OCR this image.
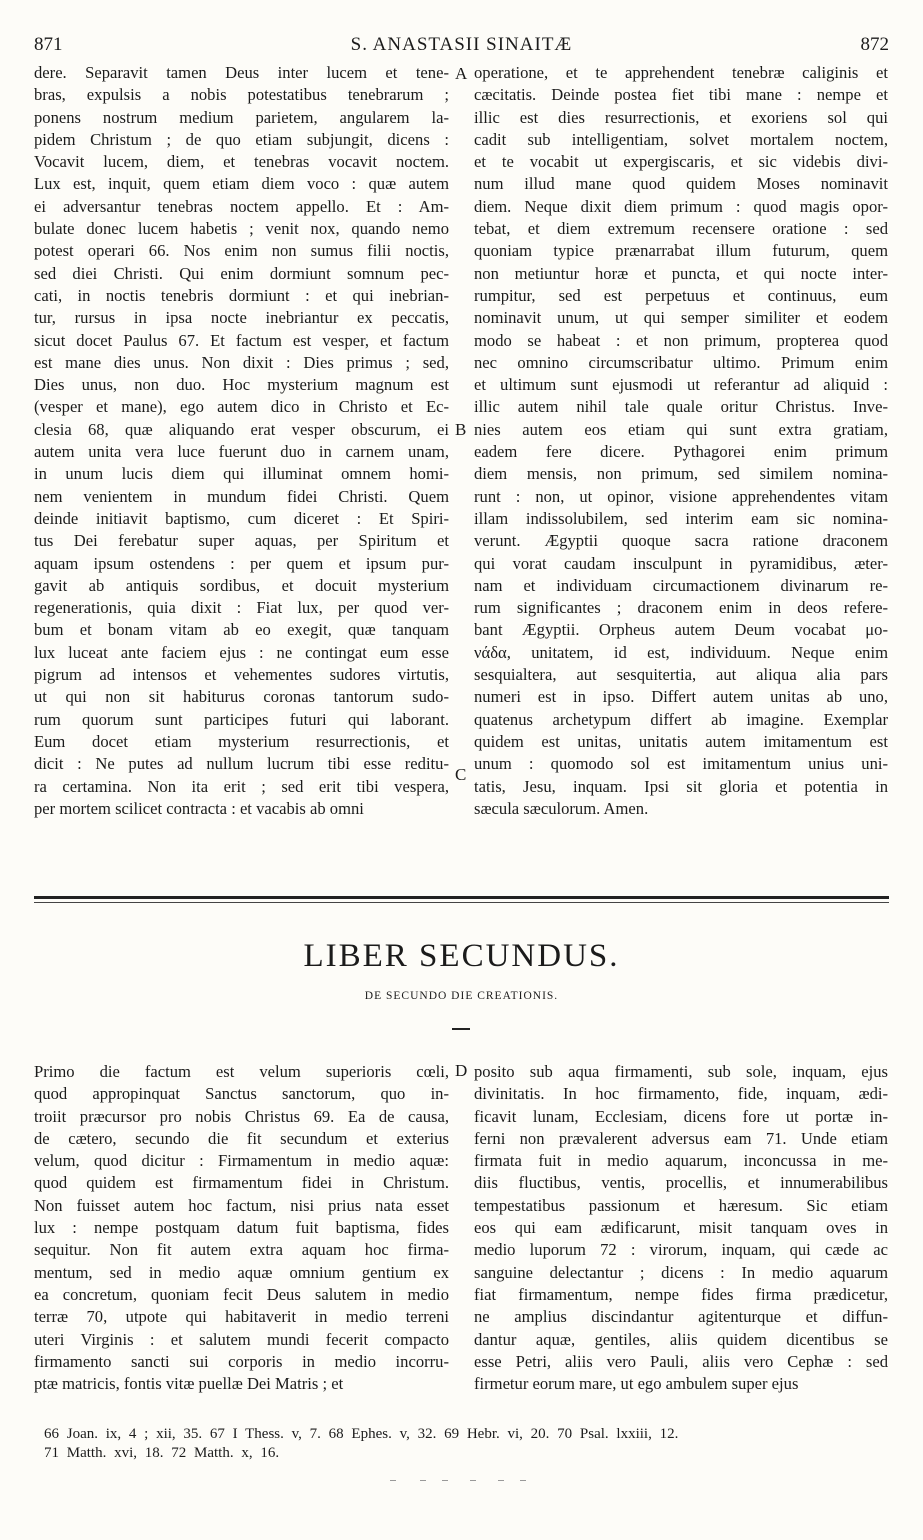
871	S. ANASTASII SINAITÆ	872
dere. Separavit tamen Deus inter lucem et tene-
bras, expulsis a nobis potestatibus tenebrarum ;
ponens nostrum medium parietem, angularem la-
pidem Christum ; de quo etiam subjungit, dicens :
Vocavit lucem, diem, et tenebras vocavit noctem.
Lux est, inquit, quem etiam diem voco : quæ autem
ei adversantur tenebras noctem appello. Et : Am-
bulate donec lucem habetis ; venit nox, quando nemo
potest operari 66. Nos enim non sumus filii noctis,
sed diei Christi. Qui enim dormiunt somnum pec-
cati, in noctis tenebris dormiunt : et qui inebrian-
tur, rursus in ipsa nocte inebriantur ex peccatis,
sicut docet Paulus 67. Et factum est vesper, et factum
est mane dies unus. Non dixit : Dies primus ; sed,
Dies unus, non duo. Hoc mysterium magnum est
(vesper et mane), ego autem dico in Christo et Ec-
clesia 68, quæ aliquando erat vesper obscurum, ei
autem unita vera luce fuerunt duo in carnem unam,
in unum lucis diem qui illuminat omnem homi-
nem venientem in mundum fidei Christi. Quem
deinde initiavit baptismo, cum diceret : Et Spiri-
tus Dei ferebatur super aquas, per Spiritum et
aquam ipsum ostendens : per quem et ipsum pur-
gavit ab antiquis sordibus, et docuit mysterium
regenerationis, quia dixit : Fiat lux, per quod ver-
bum et bonam vitam ab eo exegit, quæ tanquam
lux luceat ante faciem ejus : ne contingat eum esse
pigrum ad intensos et vehementes sudores virtutis,
ut qui non sit habiturus coronas tantorum sudo-
rum quorum sunt participes futuri qui laborant.
Eum docet etiam mysterium resurrectionis, et
dicit : Ne putes ad nullum lucrum tibi esse reditu-
ra certamina. Non ita erit ; sed erit tibi vespera,
per mortem scilicet contracta : et vacabis ab omni
operatione, et te apprehendent tenebræ caliginis et
cæcitatis. Deinde postea fiet tibi mane : nempe et
illic est dies resurrectionis, et exoriens sol qui
cadit sub intelligentiam, solvet mortalem noctem,
et te vocabit ut expergiscaris, et sic videbis divi-
num illud mane quod quidem Moses nominavit
diem. Neque dixit diem primum : quod magis opor-
tebat, et diem extremum recensere oratione : sed
quoniam typice prænarrabat illum futurum, quem
non metiuntur horæ et puncta, et qui nocte inter-
rumpitur, sed est perpetuus et continuus, eum
nominavit unum, ut qui semper similiter et eodem
modo se habeat : et non primum, propterea quod
nec omnino circumscribatur ultimo. Primum enim
et ultimum sunt ejusmodi ut referantur ad aliquid :
illic autem nihil tale quale oritur Christus. Inve-
nies autem eos etiam qui sunt extra gratiam,
eadem fere dicere. Pythagorei enim primum
diem mensis, non primum, sed similem nomina-
runt : non, ut opinor, visione apprehendentes vitam
illam indissolubilem, sed interim eam sic nomina-
verunt. Ægyptii quoque sacra ratione draconem
qui vorat caudam insculpunt in pyramidibus, æter-
nam et individuam circumactionem divinarum re-
rum significantes ; draconem enim in deos refere-
bant Ægyptii. Orpheus autem Deum vocabat μο-
νάδα, unitatem, id est, individuum. Neque enim
sesquialtera, aut sesquitertia, aut aliqua alia pars
numeri est in ipso. Differt autem unitas ab uno,
quatenus archetypum differt ab imagine. Exemplar
quidem est unitas, unitatis autem imitamentum est
unum : quomodo sol est imitamentum unius uni-
tatis, Jesu, inquam. Ipsi sit gloria et potentia in
sæcula sæculorum. Amen.
A
B
C
D
LIBER SECUNDUS.
DE SECUNDO DIE CREATIONIS.
Primo die factum est velum superioris cœli,
quod appropinquat Sanctus sanctorum, quo in-
troiit præcursor pro nobis Christus 69. Ea de causa,
de cætero, secundo die fit secundum et exterius
velum, quod dicitur : Firmamentum in medio aquæ:
quod quidem est firmamentum fidei in Christum.
Non fuisset autem hoc factum, nisi prius nata esset
lux : nempe postquam datum fuit baptisma, fides
sequitur. Non fit autem extra aquam hoc firma-
mentum, sed in medio aquæ omnium gentium ex
ea concretum, quoniam fecit Deus salutem in medio
terræ 70, utpote qui habitaverit in medio terreni
uteri Virginis : et salutem mundi fecerit compacto
firmamento sancti sui corporis in medio incorru-
ptæ matricis, fontis vitæ puellæ Dei Matris ; et
posito sub aqua firmamenti, sub sole, inquam, ejus
divinitatis. In hoc firmamento, fide, inquam, ædi-
ficavit lunam, Ecclesiam, dicens fore ut portæ in-
ferni non prævalerent adversus eam 71. Unde etiam
firmata fuit in medio aquarum, inconcussa in me-
diis fluctibus, ventis, procellis, et innumerabilibus
tempestatibus passionum et hæresum. Sic etiam
eos qui eam ædificarunt, misit tanquam oves in
medio luporum 72 : virorum, inquam, qui cæde ac
sanguine delectantur ; dicens : In medio aquarum
fiat firmamentum, nempe fides firma prædicetur,
ne amplius discindantur agitenturque et diffun-
dantur aquæ, gentiles, aliis quidem dicentibus se
esse Petri, aliis vero Pauli, aliis vero Cephæ : sed
firmetur eorum mare, ut ego ambulem super ejus
66 Joan. ix, 4 ; xii, 35. 67 I Thess. v, 7. 68 Ephes. v, 32. 69 Hebr. vi, 20. 70 Psal. lxxiii, 12.
71 Matth. xvi, 18. 72 Matth. x, 16.
